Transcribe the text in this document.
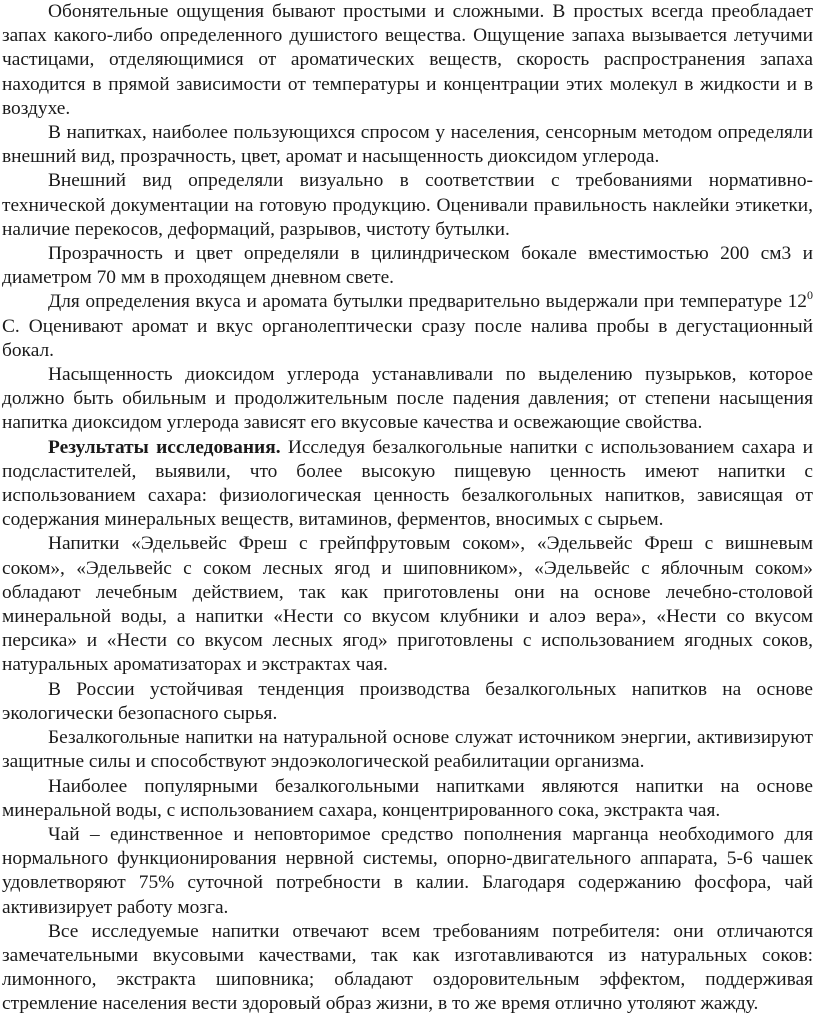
Обонятельные ощущения бывают простыми и сложными. В простых всегда преобладает запах какого-либо определенного душистого вещества. Ощущение запаха вызывается летучими частицами, отделяющимися от ароматических веществ, скорость распространения запаха находится в прямой зависимости от температуры и концентрации этих молекул в жидкости и в воздухе.

В напитках, наиболее пользующихся спросом у населения, сенсорным методом определяли внешний вид, прозрачность, цвет, аромат и насыщенность диоксидом углерода.

Внешний вид определяли визуально в соответствии с требованиями нормативно-технической документации на готовую продукцию. Оценивали правильность наклейки этикетки, наличие перекосов, деформаций, разрывов, чистоту бутылки.

Прозрачность и цвет определяли в цилиндрическом бокале вместимостью 200 см3 и диаметром 70 мм в проходящем дневном свете.

Для определения вкуса и аромата бутылки предварительно выдержали при температуре $12^0$ С. Оценивают аромат и вкус органолептически сразу после налива пробы в дегустационный бокал.

Насыщенность диоксидом углерода устанавливали по выделению пузырьков, которое должно быть обильным и продолжительным после падения давления; от степени насыщения напитка диоксидом углерода зависят его вкусовые качества и освежающие свойства.

Результаты исследования. Исследуя безалкогольные напитки с использованием сахара и подсластителей, выявили, что более высокую пищевую ценность имеют напитки с использованием сахара: физиологическая ценность безалкогольных напитков, зависящая от содержания минеральных веществ, витаминов, ферментов, вносимых с сырьем.

Напитки «Эдельвейс Фреш с грейпфрутовым соком», «Эдельвейс Фреш с вишневым соком», «Эдельвейс с соком лесных ягод и шиповником», «Эдельвейс с яблочным соком» обладают лечебным действием, так как приготовлены они на основе лечебно-столовой минеральной воды, а напитки «Нести со вкусом клубники и алоэ вера», «Нести со вкусом персика» и «Нести со вкусом лесных ягод» приготовлены с использованием ягодных соков, натуральных ароматизаторах и экстрактах чая.

В России устойчивая тенденция производства безалкогольных напитков на основе экологически безопасного сырья.

Безалкогольные напитки на натуральной основе служат источником энергии, активизируют защитные силы и способствуют эндоэкологической реабилитации организма.

Наиболее популярными безалкогольными напитками являются напитки на основе минеральной воды, с использованием сахара, концентрированного сока, экстракта чая.

Чай – единственное и неповторимое средство пополнения марганца необходимого для нормального функционирования нервной системы, опорно-двигательного аппарата, 5-6 чашек удовлетворяют 75% суточной потребности в калии. Благодаря содержанию фосфора, чай активизирует работу мозга.

Все исследуемые напитки отвечают всем требованиям потребителя: они отличаются замечательными вкусовыми качествами, так как изготавливаются из натуральных соков: лимонного, экстракта шиповника; обладают оздоровительным эффектом, поддерживая стремление населения вести здоровый образ жизни, в то же время отлично утоляют жажду.
